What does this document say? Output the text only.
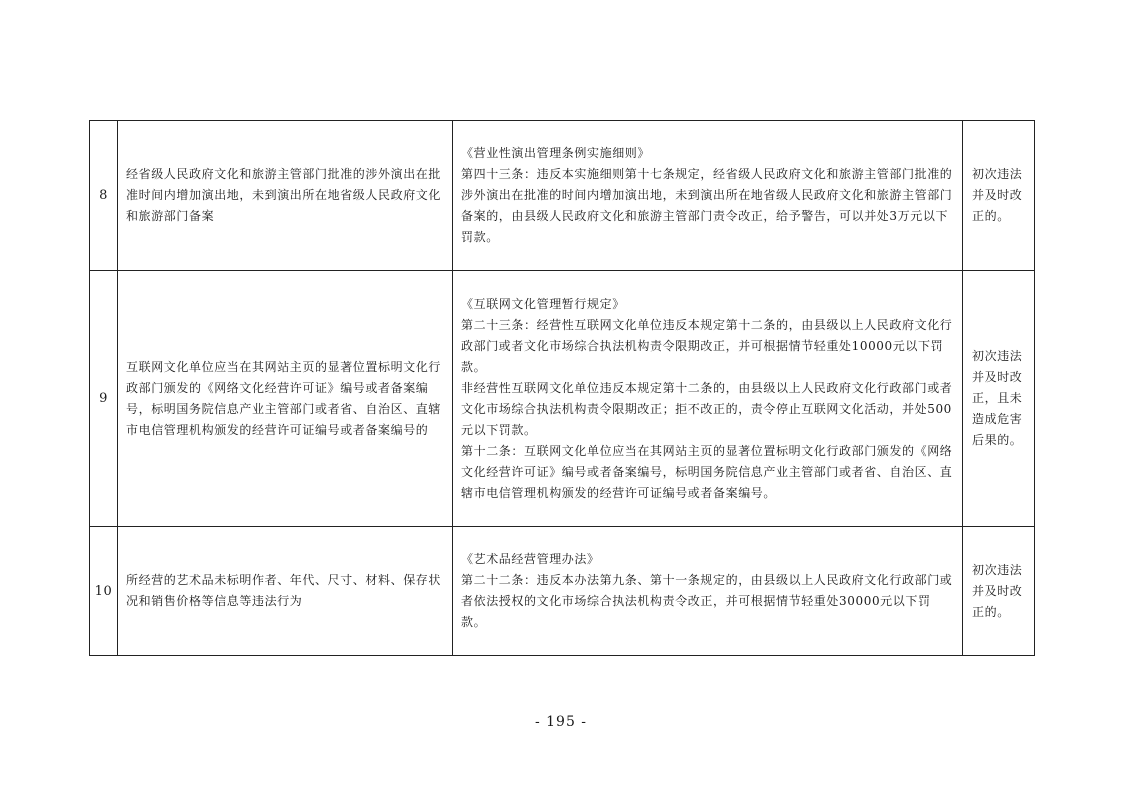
8	经省级人民政府文化和旅游主管部门批准的涉外演出在批准时间内增加演出地，未到演出所在地省级人民政府文化和旅游部门备案	《营业性演出管理条例实施细则》

第四十三条：违反本实施细则第十七条规定，经省级人民政府文化和旅游主管部门批准的涉外演出在批准的时间内增加演出地，未到演出所在地省级人民政府文化和旅游主管部门备案的，由县级人民政府文化和旅游主管部门责令改正，给予警告，可以并处3万元以下罚款。	初次违法并及时改正的。
9	互联网文化单位应当在其网站主页的显著位置标明文化行政部门颁发的《网络文化经营许可证》编号或者备案编号，标明国务院信息产业主管部门或者省、自治区、直辖市电信管理机构颁发的经营许可证编号或者备案编号的	《互联网文化管理暂行规定》

第二十三条：经营性互联网文化单位违反本规定第十二条的，由县级以上人民政府文化行政部门或者文化市场综合执法机构责令限期改正，并可根据情节轻重处10000元以下罚款。

非经营性互联网文化单位违反本规定第十二条的，由县级以上人民政府文化行政部门或者文化市场综合执法机构责令限期改正；拒不改正的，责令停止互联网文化活动，并处500元以下罚款。

第十二条：互联网文化单位应当在其网站主页的显著位置标明文化行政部门颁发的《网络文化经营许可证》编号或者备案编号，标明国务院信息产业主管部门或者省、自治区、直辖市电信管理机构颁发的经营许可证编号或者备案编号。	初次违法并及时改正，且未造成危害后果的。
10	所经营的艺术品未标明作者、年代、尺寸、材料、保存状况和销售价格等信息等违法行为	《艺术品经营管理办法》

第二十二条：违反本办法第九条、第十一条规定的，由县级以上人民政府文化行政部门或者依法授权的文化市场综合执法机构责令改正，并可根据情节轻重处30000元以下罚款。	初次违法并及时改正的。
- 195 -
